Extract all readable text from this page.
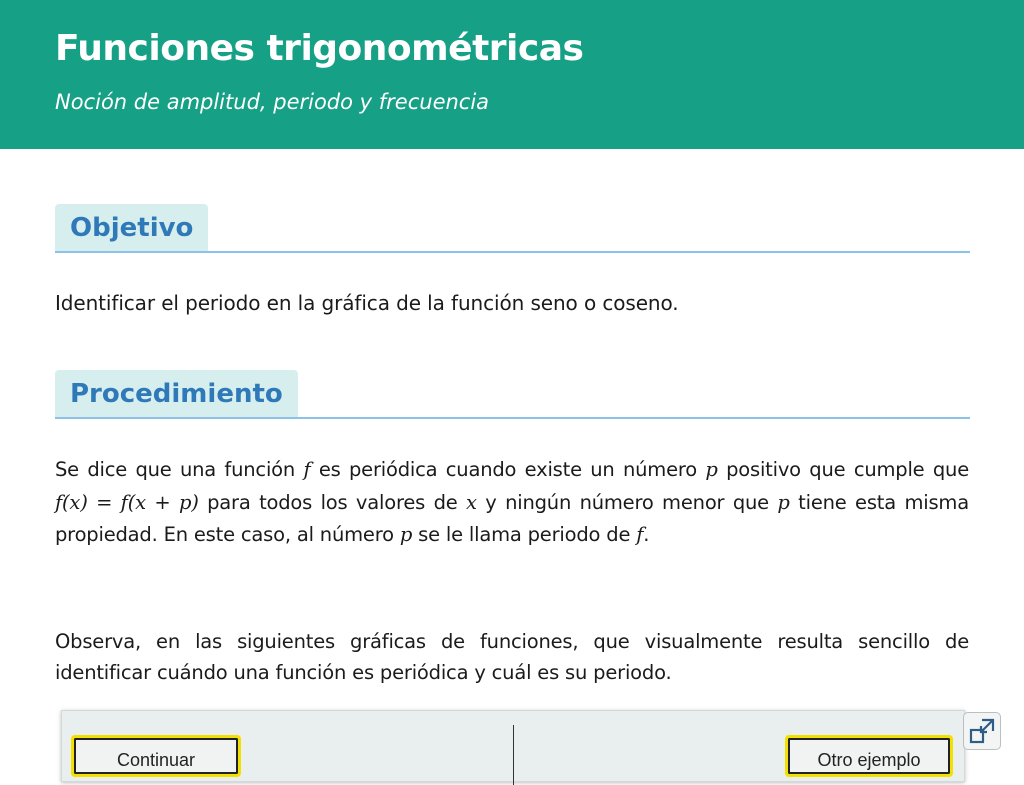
Funciones trigonométricas
Noción de amplitud, periodo y frecuencia
Objetivo
Identificar el periodo en la gráfica de la función seno o coseno.
Procedimiento
Se dice que una función f es periódica cuando existe un número p positivo que cumple que f(x) = f(x + p) para todos los valores de x y ningún número menor que p tiene esta misma propiedad. En este caso, al número p se le llama periodo de f.
Observa, en las siguientes gráficas de funciones, que visualmente resulta sencillo de identificar cuándo una función es periódica y cuál es su periodo.
Continuar	Otro ejemplo
